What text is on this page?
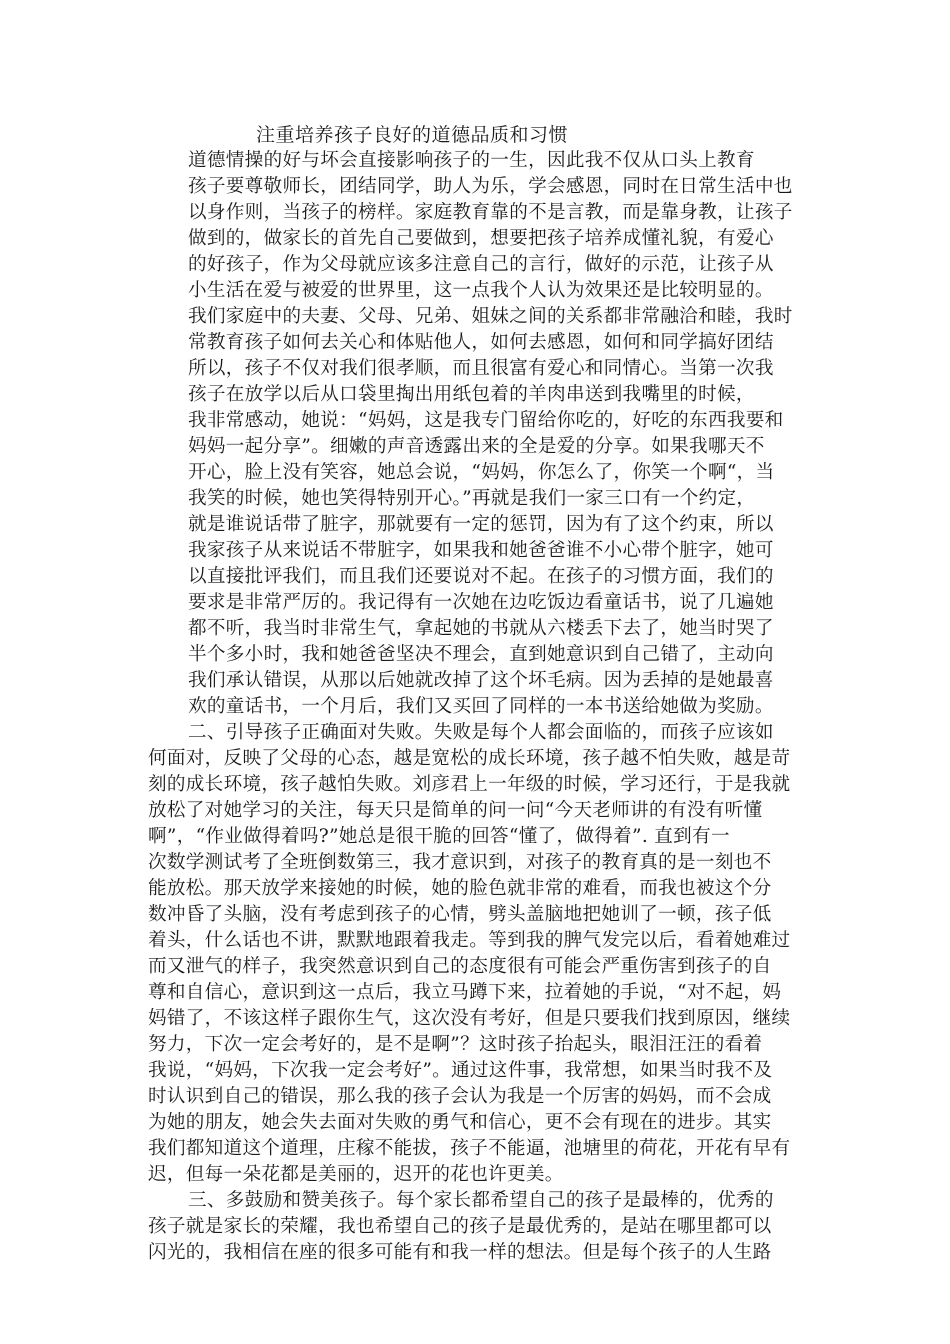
注重培养孩子良好的道德品质和习惯
道德情操的好与坏会直接影响孩子的一生，因此我不仅从口头上教育
孩子要尊敬师长，团结同学，助人为乐，学会感恩，同时在日常生活中也
以身作则，当孩子的榜样。家庭教育靠的不是言教，而是靠身教，让孩子
做到的，做家长的首先自己要做到，想要把孩子培养成懂礼貌，有爱心
的好孩子，作为父母就应该多注意自己的言行，做好的示范，让孩子从
小生活在爱与被爱的世界里，这一点我个人认为效果还是比较明显的。
我们家庭中的夫妻、父母、兄弟、姐妹之间的关系都非常融洽和睦，我时
常教育孩子如何去关心和体贴他人，如何去感恩，如何和同学搞好团结
所以，孩子不仅对我们很孝顺，而且很富有爱心和同情心。当第一次我
孩子在放学以后从口袋里掏出用纸包着的羊肉串送到我嘴里的时候，
我非常感动，她说：“妈妈，这是我专门留给你吃的，好吃的东西我要和
妈妈一起分享”。细嫩的声音透露出来的全是爱的分享。如果我哪天不
开心，脸上没有笑容，她总会说，“妈妈，你怎么了，你笑一个啊“，当
我笑的时候，她也笑得特别开心。”再就是我们一家三口有一个约定，
就是谁说话带了脏字，那就要有一定的惩罚，因为有了这个约束，所以
我家孩子从来说话不带脏字，如果我和她爸爸谁不小心带个脏字，她可
以直接批评我们，而且我们还要说对不起。在孩子的习惯方面，我们的
要求是非常严厉的。我记得有一次她在边吃饭边看童话书，说了几遍她
都不听，我当时非常生气，拿起她的书就从六楼丢下去了，她当时哭了
半个多小时，我和她爸爸坚决不理会，直到她意识到自己错了，主动向
我们承认错误，从那以后她就改掉了这个坏毛病。因为丢掉的是她最喜
欢的童话书，一个月后，我们又买回了同样的一本书送给她做为奖励。
二、引导孩子正确面对失败。失败是每个人都会面临的，而孩子应该如
何面对，反映了父母的心态，越是宽松的成长环境，孩子越不怕失败，越是苛
刻的成长环境，孩子越怕失败。刘彦君上一年级的时候，学习还行，于是我就
放松了对她学习的关注，每天只是简单的问一问“今天老师讲的有没有听懂
啊”，“作业做得着吗?”她总是很干脆的回答“懂了，做得着”. 直到有一
次数学测试考了全班倒数第三，我才意识到，对孩子的教育真的是一刻也不
能放松。那天放学来接她的时候，她的脸色就非常的难看，而我也被这个分
数冲昏了头脑，没有考虑到孩子的心情，劈头盖脑地把她训了一顿，孩子低
着头，什么话也不讲，默默地跟着我走。等到我的脾气发完以后，看着她难过
而又泄气的样子，我突然意识到自己的态度很有可能会严重伤害到孩子的自
尊和自信心，意识到这一点后，我立马蹲下来，拉着她的手说，“对不起，妈
妈错了，不该这样子跟你生气，这次没有考好，但是只要我们找到原因，继续
努力，下次一定会考好的，是不是啊”？这时孩子抬起头，眼泪汪汪的看着
我说，“妈妈，下次我一定会考好”。通过这件事，我常想，如果当时我不及
时认识到自己的错误，那么我的孩子会认为我是一个厉害的妈妈，而不会成
为她的朋友，她会失去面对失败的勇气和信心，更不会有现在的进步。其实
我们都知道这个道理，庄稼不能拔，孩子不能逼，池塘里的荷花，开花有早有
迟，但每一朵花都是美丽的，迟开的花也许更美。
三、多鼓励和赞美孩子。每个家长都希望自己的孩子是最棒的，优秀的
孩子就是家长的荣耀，我也希望自己的孩子是最优秀的，是站在哪里都可以
闪光的，我相信在座的很多可能有和我一样的想法。但是每个孩子的人生路
